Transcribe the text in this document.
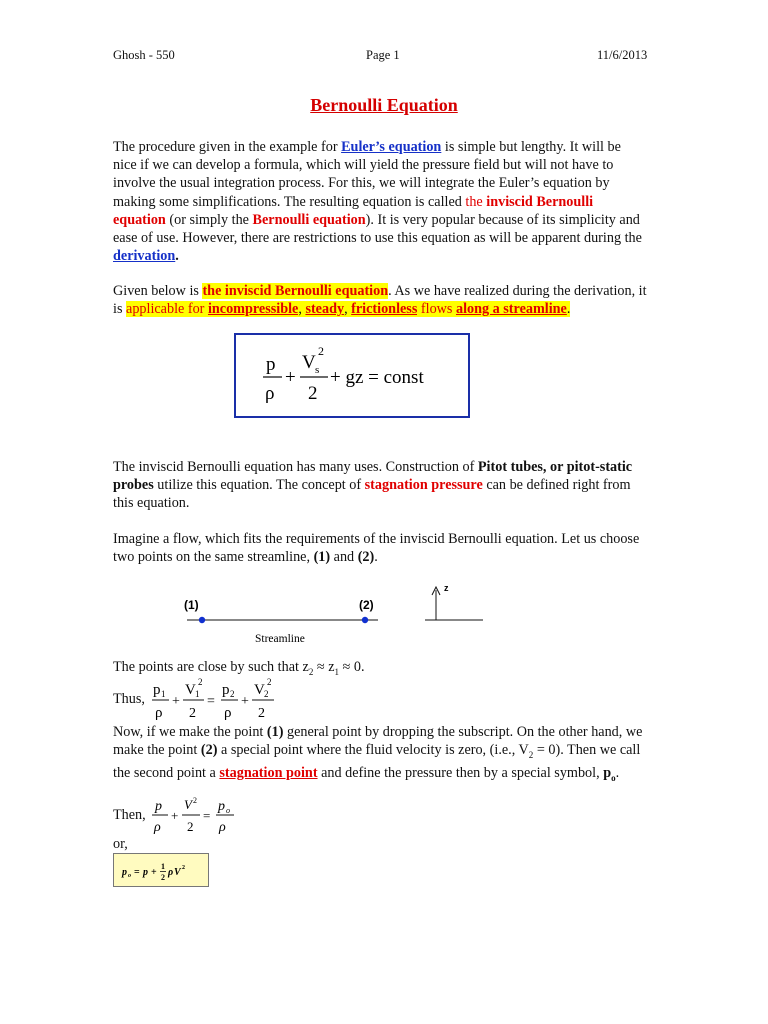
Ghosh - 550	Page 1	11/6/2013
Bernoulli Equation
The procedure given in the example for Euler’s equation is simple but lengthy. It will be nice if we can develop a formula, which will yield the pressure field but will not have to involve the usual integration process. For this, we will integrate the Euler’s equation by making some simplifications. The resulting equation is called the inviscid Bernoulli equation (or simply the Bernoulli equation). It is very popular because of its simplicity and ease of use. However, there are restrictions to use this equation as will be apparent during the derivation.
Given below is the inviscid Bernoulli equation. As we have realized during the derivation, it is applicable for incompressible, steady, frictionless flows along a streamline.
p
ρ
+
V s
2
2
+ gz = const
The inviscid Bernoulli equation has many uses. Construction of Pitot tubes, or pitot-static probes utilize this equation. The concept of stagnation pressure can be defined right from this equation.
Imagine a flow, which fits the requirements of the inviscid Bernoulli equation. Let us choose two points on the same streamline, (1) and (2).
(1)	(2)
Streamline
z
The points are close by such that $z_2 \approx z_1 \approx 0$.
Thus,
p 1
ρ
+
V 1
2
2
=
p 2
ρ
+
V 2
2
2
Now, if we make the point (1) general point by dropping the subscript. On the other hand, we make the point (2) a special point where the fluid velocity is zero, (i.e., $V_2 = 0$). Then we call the second point a stagnation point and define the pressure then by a special symbol, $p_o$.
Then,
p
ρ
+
V 2
2
=
p o
ρ
or,
p o = p +
1
2 ρ V 2
